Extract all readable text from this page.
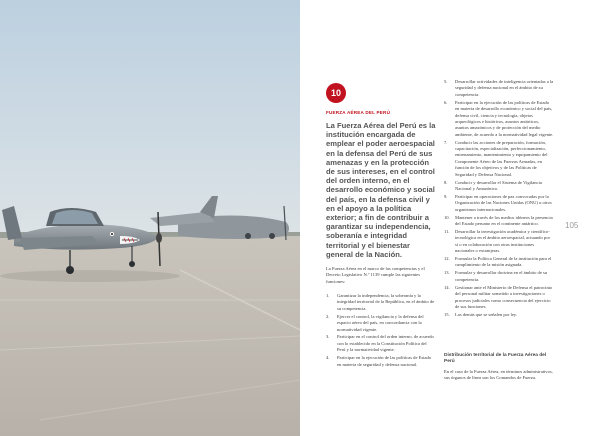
10
FUERZA AÉREA DEL PERÚ

La Fuerza Aérea del Perú es la institución encargada de emplear el poder aeroespacial en la defensa del Perú de sus amenazas y en la protección de sus intereses, en el control del orden interno, en el desarrollo económico y social del país, en la defensa civil y en el apoyo a la política exterior; a fin de contribuir a garantizar su independencia, soberanía e integridad territorial y el bienestar general de la Nación.

La Fuerza Aérea en el marco de las competencias y el Decreto Legislativo N.º 1139 cumple las siguientes funciones:

1. Garantizar la independencia, la soberanía y la integridad territorial de la República, en el ámbito de su competencia.
2. Ejercer el control, la vigilancia y la defensa del espacio aéreo del país, en concordancia con la normatividad vigente.
3. Participar en el control del orden interno, de acuerdo con lo establecido en la Constitución Política del Perú y la normatividad vigente.
4. Participar en la ejecución de las políticas de Estado en materia de seguridad y defensa nacional.
5. Desarrollar actividades de inteligencia orientadas a la seguridad y defensa nacional en el ámbito de su competencia.
6. Participar en la ejecución de las políticas de Estado en materia de desarrollo económico y social del país, defensa civil, ciencia y tecnología, objetos arqueológicos e históricos, asuntos antárticos, asuntos amazónicos y de protección del medio ambiente, de acuerdo a la normatividad legal vigente.
7. Conducir las acciones de preparación, formación, capacitación, especialización, perfeccionamiento, entrenamiento, mantenimiento y equipamiento del Componente Aéreo de las Fuerzas Armadas, en función de los objetivos y de las Políticas de Seguridad y Defensa Nacional.
8. Conducir y desarrollar el Sistema de Vigilancia Nacional y Amazónico.
9. Participar en operaciones de paz convocadas por la Organización de las Naciones Unidas (ONU) u otros organismos internacionales.
10. Mantener a través de los medios idóneos la presencia del Estado peruano en el continente antártico.
11. Desarrollar la investigación académica y científico-tecnológica en el ámbito aeroespacial, actuando por sí o en colaboración con otras instituciones nacionales o extranjeras.
12. Formular la Política General de la institución para el cumplimiento de la misión asignada.
13. Formular y desarrollar doctrina en el ámbito de su competencia.
14. Gestionar ante el Ministerio de Defensa el patrocinio del personal militar sometido a investigaciones o procesos judiciales como consecuencia del ejercicio de sus funciones.
15. Las demás que se señalen por ley.
Distribución territorial de la Fuerza Aérea del Perú

En el caso de la Fuerza Aérea, en términos administrativos, sus órganos de línea son los Comandos de Fuerza.

105
